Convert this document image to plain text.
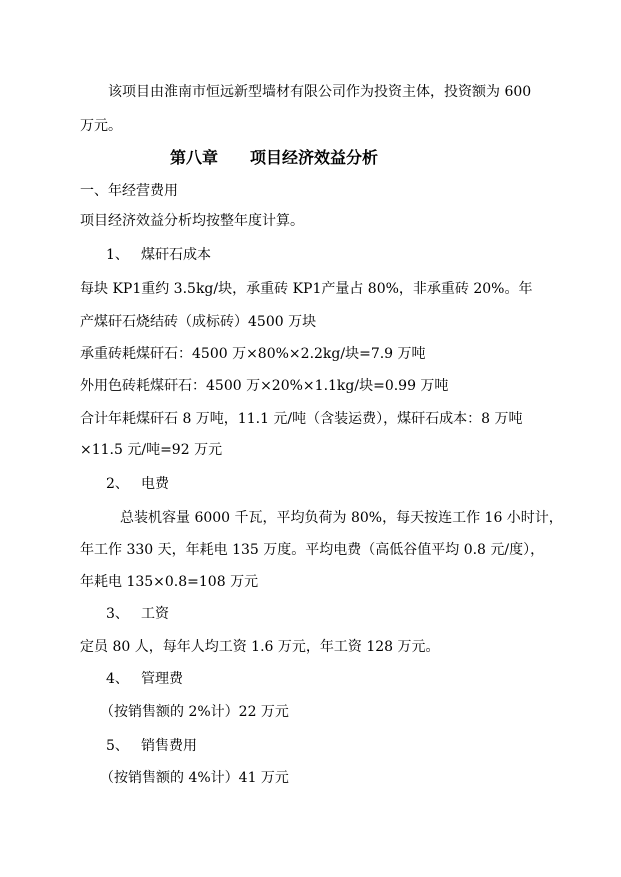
该项目由淮南市恒远新型墙材有限公司作为投资主体，投资额为 600
万元。
第八章　　项目经济效益分析
一、年经营费用
项目经济效益分析均按整年度计算。
1、 煤矸石成本
每块 KP1重约 3.5kg/块，承重砖 KP1产量占 80%，非承重砖 20%。年
产煤矸石烧结砖（成标砖）4500 万块
承重砖耗煤矸石：4500 万×80%×2.2kg/块=7.9 万吨
外用色砖耗煤矸石：4500 万×20%×1.1kg/块=0.99 万吨
合计年耗煤矸石 8 万吨，11.1 元/吨（含装运费），煤矸石成本：8 万吨
×11.5 元/吨=92 万元
2、 电费
总装机容量 6000 千瓦，平均负荷为 80%，每天按连工作 16 小时计，
年工作 330 天，年耗电 135 万度。平均电费（高低谷值平均 0.8 元/度），
年耗电 135×0.8=108 万元
3、 工资
定员 80 人，每年人均工资 1.6 万元，年工资 128 万元。
4、 管理费
（按销售额的 2%计）22 万元
5、 销售费用
（按销售额的 4%计）41 万元
